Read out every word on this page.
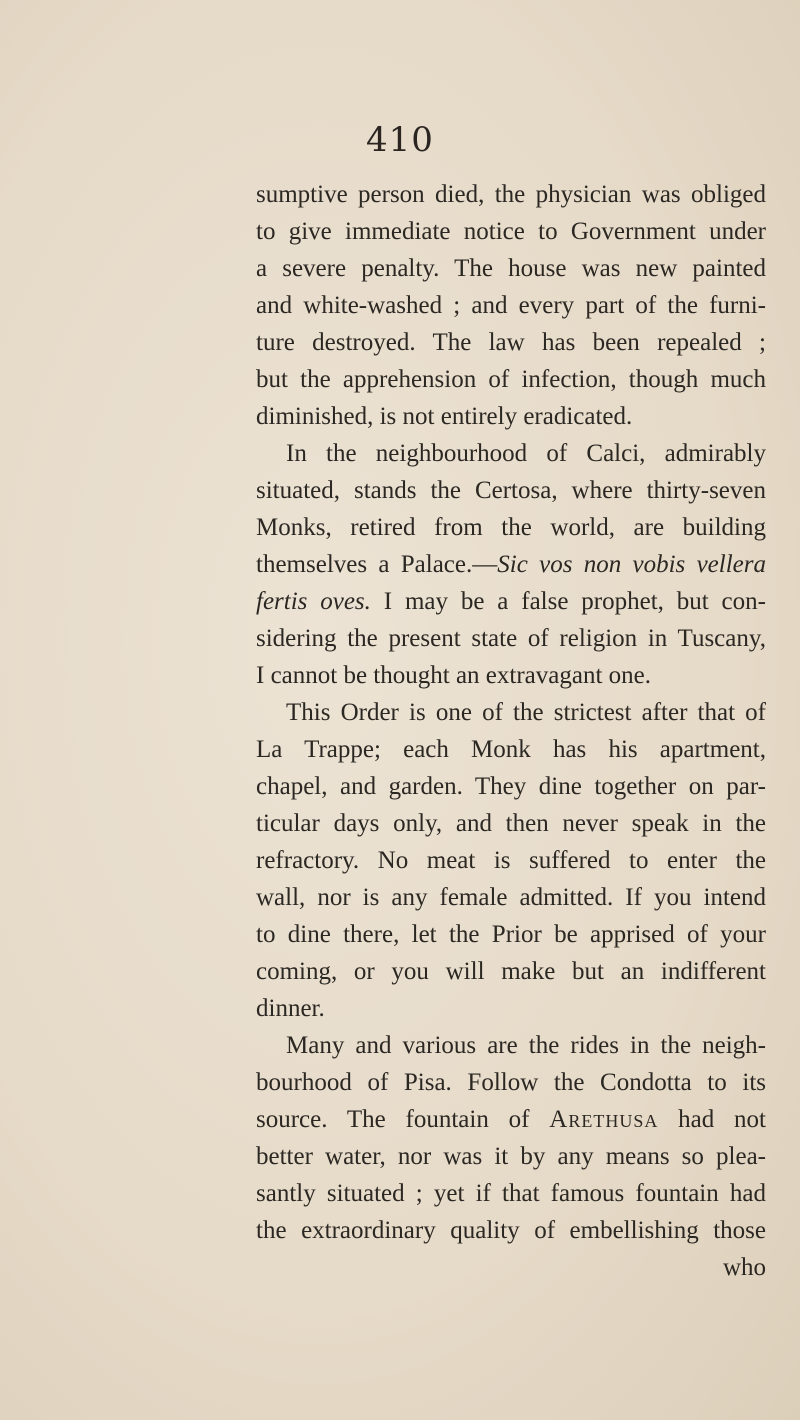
410
sumptive person died, the physician was obliged
to give immediate notice to Government under
a severe penalty. The house was new painted
and white-washed ; and every part of the furni-
ture destroyed. The law has been repealed ;
but the apprehension of infection, though much
diminished, is not entirely eradicated.
In the neighbourhood of Calci, admirably
situated, stands the Certosa, where thirty-seven
Monks, retired from the world, are building
themselves a Palace.—Sic vos non vobis vellera
fertis oves. I may be a false prophet, but con-
sidering the present state of religion in Tuscany,
I cannot be thought an extravagant one.
This Order is one of the strictest after that of
La Trappe; each Monk has his apartment,
chapel, and garden. They dine together on par-
ticular days only, and then never speak in the
refractory. No meat is suffered to enter the
wall, nor is any female admitted. If you intend
to dine there, let the Prior be apprised of your
coming, or you will make but an indifferent
dinner.
Many and various are the rides in the neigh-
bourhood of Pisa. Follow the Condotta to its
source. The fountain of Arethusa had not
better water, nor was it by any means so plea-
santly situated ; yet if that famous fountain had
the extraordinary quality of embellishing those
who
